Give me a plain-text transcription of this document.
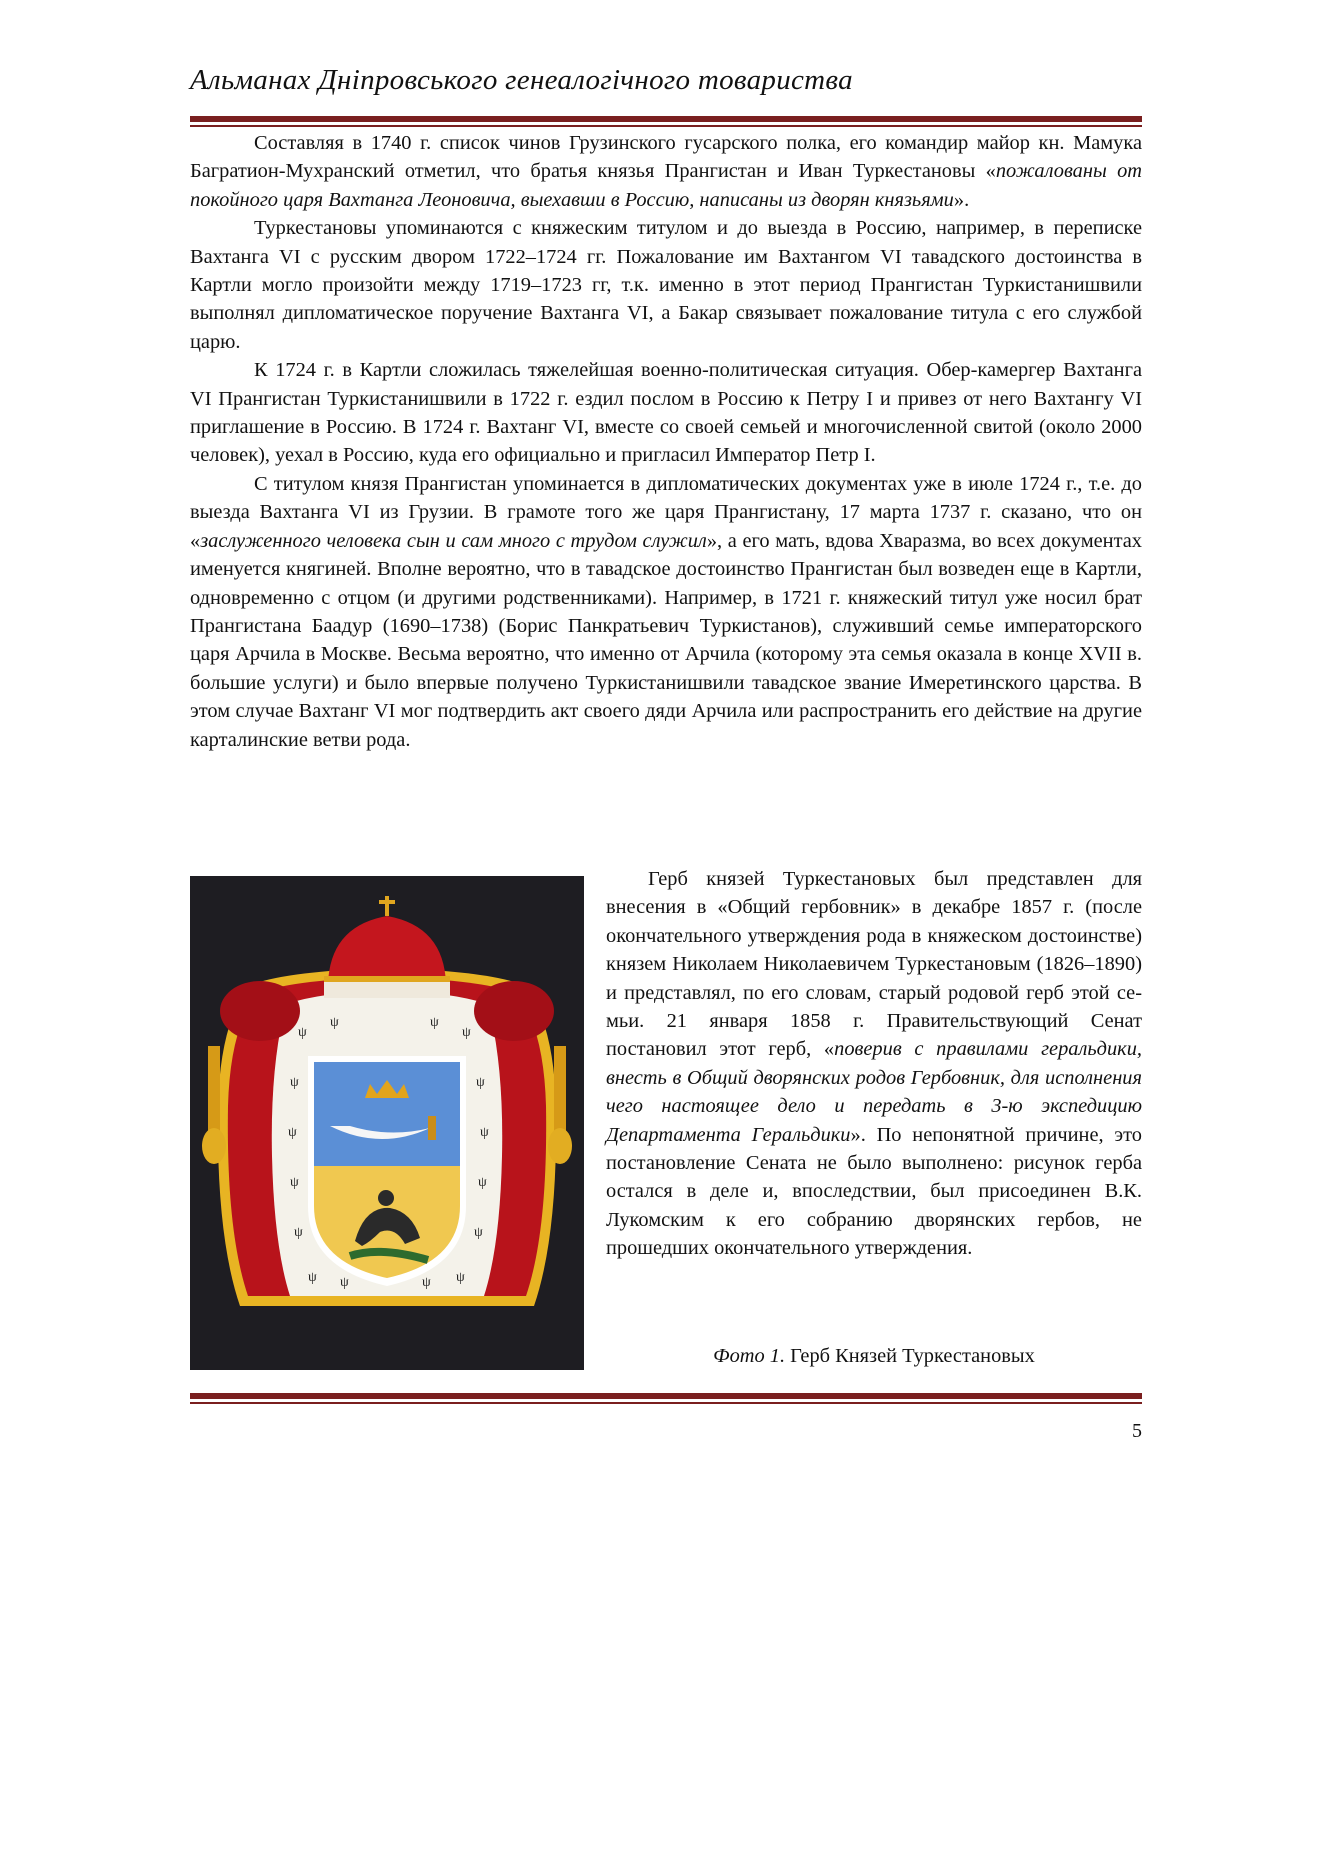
Альманах Дніпровського генеалогічного товариства

Составляя в 1740 г. список чинов Грузинского гусарского полка, его командир майор кн. Мамука Багратион-Мухранский отметил, что братья князья Прангистан и Иван Туркестановы «пожалованы от покойного царя Вахтанга Леоновича, выехавши в Россию, написаны из дворян князьями».

Туркестановы упоминаются с княжеским титулом и до выезда в Россию, например, в переписке Вахтанга VI с русским двором 1722–1724 гг. Пожалование им Вахтангом VI тавадского достоинства в Картли могло произойти между 1719–1723 гг, т.к. именно в этот период Прангистан Туркистанишвили выполнял дипломатическое поручение Вахтанга VI, а Бакар связывает пожалование титула с его службой царю.

К 1724 г. в Картли сложилась тяжелейшая военно-политическая ситуация. Обер-камергер Вахтанга VI Прангистан Туркистанишвили в 1722 г. ездил послом в Россию к Петру I и привез от него Вахтангу VI приглашение в Россию. В 1724 г. Вахтанг VI, вместе со своей семьей и многочисленной свитой (около 2000 человек), уехал в Россию, куда его официально и пригласил Император Петр I.

С титулом князя Прангистан упоминается в дипломатических документах уже в июле 1724 г., т.е. до выезда Вахтанга VI из Грузии. В грамоте того же царя Прангистану, 17 марта 1737 г. сказано, что он «заслуженного человека сын и сам много с трудом служил», а его мать, вдова Хваразма, во всех документах именуется княгиней. Вполне вероятно, что в тавадское достоинство Прангистан был возведен еще в Картли, одновременно с отцом (и другими родственниками). Например, в 1721 г. княжеский титул уже носил брат Прангистана Баадур (1690–1738) (Борис Панкратьевич Туркистанов), служивший семье императорского царя Арчила в Москве. Весьма вероятно, что именно от Арчила (которому эта семья оказала в конце XVII в. большие услуги) и было впервые получено Туркистанишвили тавадское звание Имеретинского царства. В этом случае Вахтанг VI мог подтвердить акт своего дяди Арчила или распространить его действие на другие карталинские ветви рода.

ψ
ψ	ψ
ψ
ψ	ψ
ψ	ψ
ψ	ψ
ψ	ψ
ψ ψ	ψ ψ

Герб князей Туркестановых был представлен для внесения в «Общий гербовник» в декабре 1857 г. (после окончательного утверждения рода в княжеском достоинстве) князем Николаем Николаевичем Туркестановым (1826–1890) и представлял, по его словам, старый родовой герб этой семьи. 21 января 1858 г. Правительствующий Сенат постановил этот герб, «поверив с правилами геральдики, внесть в Общий дворянских родов Гербовник, для исполнения чего настоящее дело и передать в 3-ю экспедицию Департамента Геральдики». По непонятной причине, это постановление Сената не было выполнено: рисунок герба остался в деле и, впоследствии, был присоединен В.К. Лукомским к его собранию дворянских гербов, не прошедших окончательного утверждения.

Фото 1. Герб Князей Туркестановых

5
